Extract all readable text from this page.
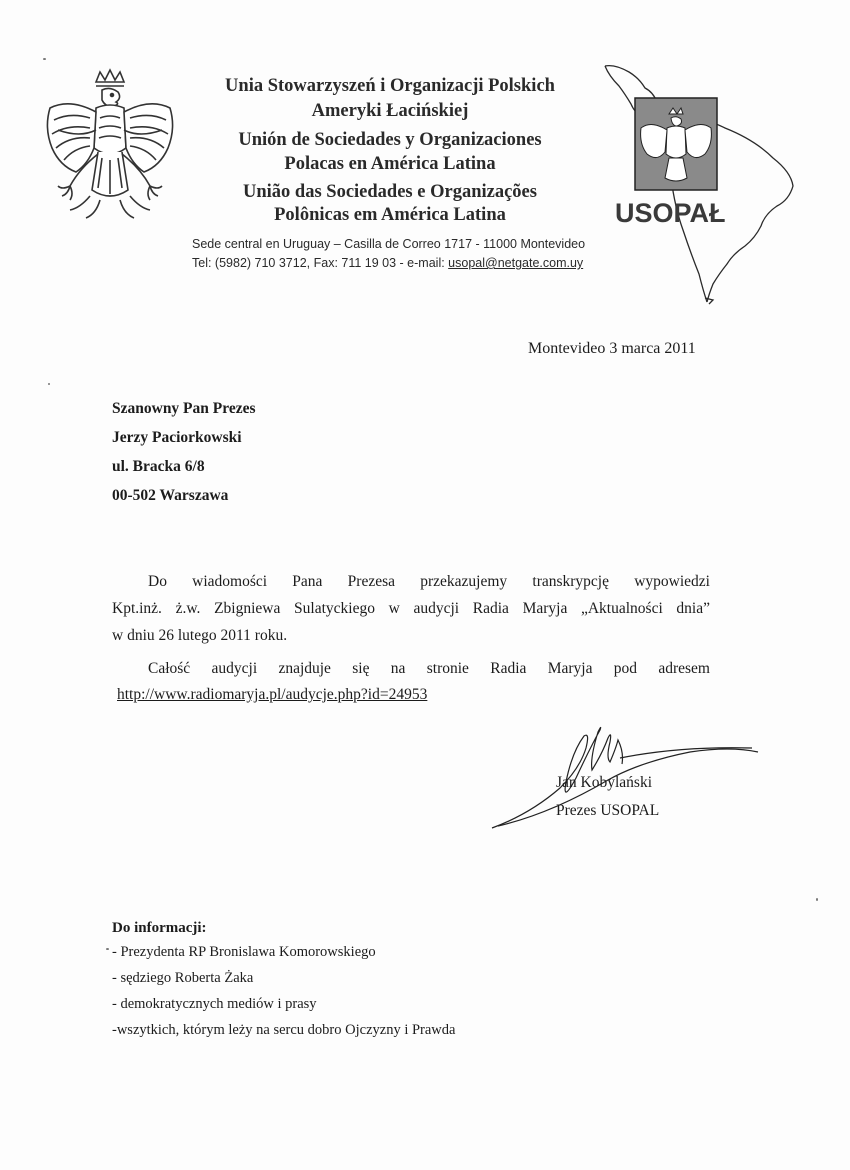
Unia Stowarzyszeń i Organizacji Polskich
Ameryki Łacińskiej
Unión de Sociedades y Organizaciones
Polacas en América Latina
União das Sociedades e Organizações
Polônicas em América Latina
Sede central en Uruguay – Casilla de Correo 1717 - 11000 Montevideo
Tel: (5982) 710 3712, Fax: 711 19 03 - e-mail: usopal@netgate.com.uy
USOPAŁ
Montevideo 3 marca 2011
Szanowny Pan Prezes
Jerzy Paciorkowski
ul. Bracka 6/8
00-502 Warszawa

Do wiadomości Pana Prezesa przekazujemy transkrypcję wypowiedzi

Kpt.inż. ż.w. Zbigniewa Sulatyckiego w audycji Radia Maryja „Aktualności dnia”

w dniu 26 lutego 2011 roku.

Całość audycji znajduje się na stronie Radia Maryja pod adresem

http://www.radiomaryja.pl/audycje.php?id=24953
Jan Kobylański
Prezes USOPAL
Do informacji:
- Prezydenta RP Bronislawa Komorowskiego
- sędziego Roberta Żaka
- demokratycznych mediów i prasy
-wszytkich, którym leży na sercu dobro Ojczyzny i Prawda
